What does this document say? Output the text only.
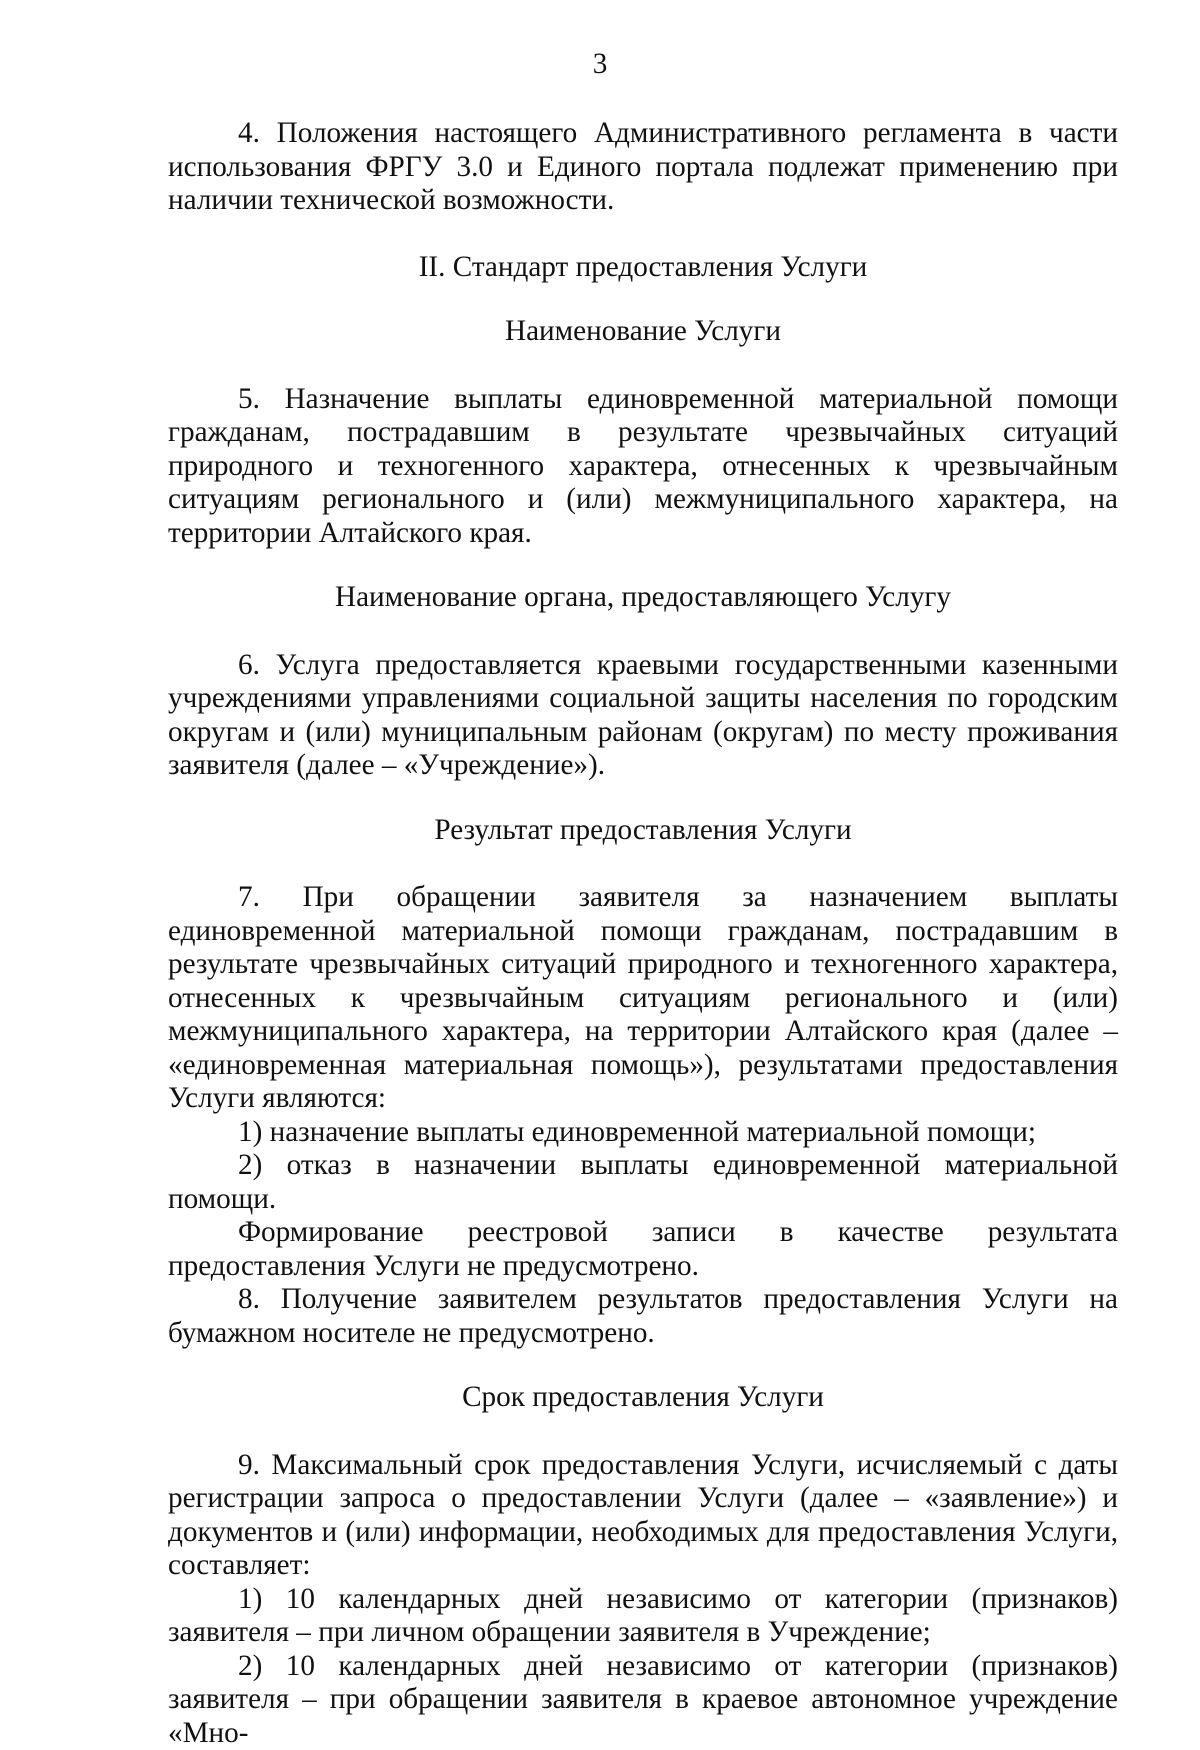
3

4. Положения настоящего Административного регламента в части использования ФРГУ 3.0 и Единого портала подлежат применению при наличии технической возможности.

II. Стандарт предоставления Услуги

Наименование Услуги

5. Назначение выплаты единовременной материальной помощи гражданам, пострадавшим в результате чрезвычайных ситуаций природного и техногенного характера, отнесенных к чрезвычайным ситуациям регионального и (или) межмуниципального характера, на территории Алтайского края.

Наименование органа, предоставляющего Услугу

6. Услуга предоставляется краевыми государственными казенными учреждениями управлениями социальной защиты населения по городским округам и (или) муниципальным районам (округам) по месту проживания заявителя (далее – «Учреждение»).

Результат предоставления Услуги

7. При обращении заявителя за назначением выплаты единовременной материальной помощи гражданам, пострадавшим в результате чрезвычайных ситуаций природного и техногенного характера, отнесенных к чрезвычайным ситуациям регионального и (или) межмуниципального характера, на территории Алтайского края (далее – «единовременная материальная помощь»), результатами предоставления Услуги являются:

1) назначение выплаты единовременной материальной помощи;

2) отказ в назначении выплаты единовременной материальной помощи.

Формирование реестровой записи в качестве результата предоставления Услуги не предусмотрено.

8. Получение заявителем результатов предоставления Услуги на бумажном носителе не предусмотрено.

Срок предоставления Услуги

9. Максимальный срок предоставления Услуги, исчисляемый с даты регистрации запроса о предоставлении Услуги (далее – «заявление») и документов и (или) информации, необходимых для предоставления Услуги, составляет:

1) 10 календарных дней независимо от категории (признаков) заявителя – при личном обращении заявителя в Учреждение;

2) 10 календарных дней независимо от категории (признаков) заявителя – при обращении заявителя в краевое автономное учреждение «Мно-
